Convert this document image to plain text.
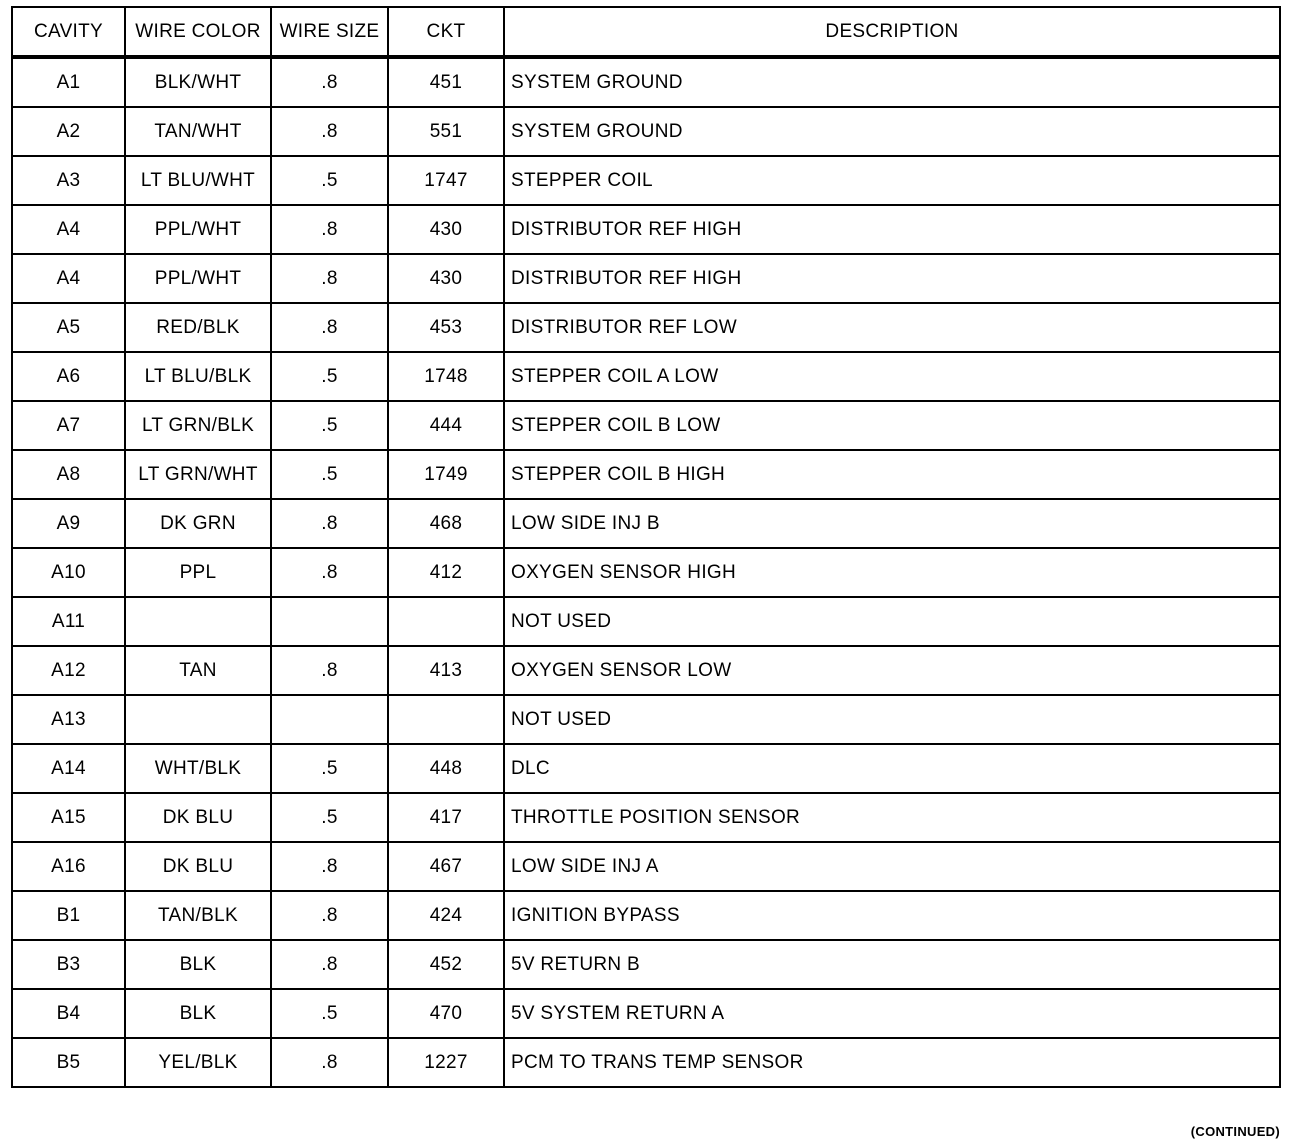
CAVITY	WIRE COLOR	WIRE SIZE	CKT	DESCRIPTION
A1	BLK/WHT	.8	451	SYSTEM GROUND
A2	TAN/WHT	.8	551	SYSTEM GROUND
A3	LT BLU/WHT	.5	1747	STEPPER COIL
A4	PPL/WHT	.8	430	DISTRIBUTOR REF HIGH
A4	PPL/WHT	.8	430	DISTRIBUTOR REF HIGH
A5	RED/BLK	.8	453	DISTRIBUTOR REF LOW
A6	LT BLU/BLK	.5	1748	STEPPER COIL A LOW
A7	LT GRN/BLK	.5	444	STEPPER COIL B LOW
A8	LT GRN/WHT	.5	1749	STEPPER COIL B HIGH
A9	DK GRN	.8	468	LOW SIDE INJ B
A10	PPL	.8	412	OXYGEN SENSOR HIGH
A11				NOT USED
A12	TAN	.8	413	OXYGEN SENSOR LOW
A13				NOT USED
A14	WHT/BLK	.5	448	DLC
A15	DK BLU	.5	417	THROTTLE POSITION SENSOR
A16	DK BLU	.8	467	LOW SIDE INJ A
B1	TAN/BLK	.8	424	IGNITION BYPASS
B3	BLK	.8	452	5V RETURN B
B4	BLK	.5	470	5V SYSTEM RETURN A
B5	YEL/BLK	.8	1227	PCM TO TRANS TEMP SENSOR
(CONTINUED)
